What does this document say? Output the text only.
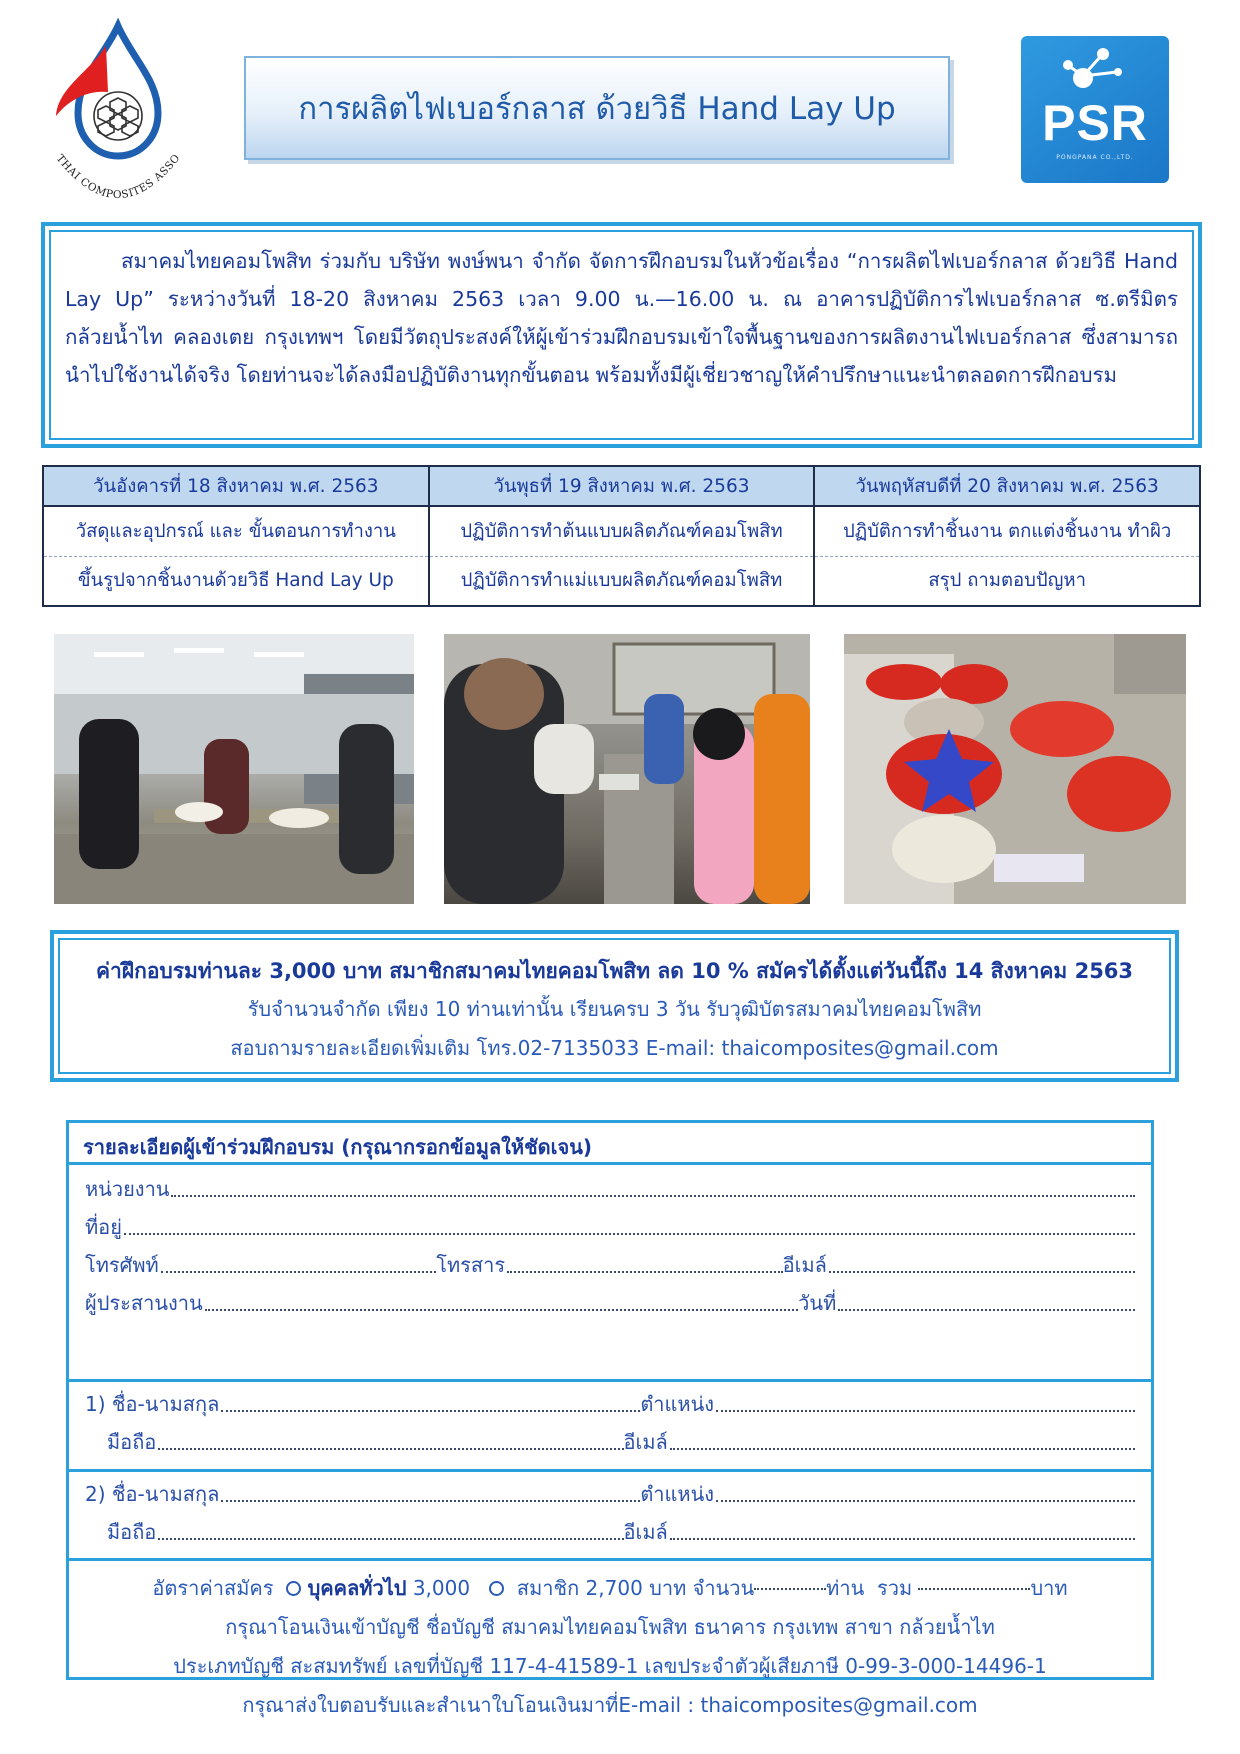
THAI COMPOSITES ASSO
การผลิตไฟเบอร์กลาส ด้วยวิธี Hand Lay Up	PSR
PONGPANA CO.,LTD.
สมาคมไทยคอมโพสิท ร่วมกับ บริษัท พงษ์พนา จำกัด จัดการฝึกอบรมในหัวข้อเรื่อง “การผลิตไฟเบอร์กลาส ด้วยวิธี Hand Lay Up” ระหว่างวันที่ 18-20 สิงหาคม 2563 เวลา 9.00 น.—16.00 น. ณ อาคารปฏิบัติการไฟเบอร์กลาส ซ.ตรีมิตร กล้วยน้ำไท คลองเตย กรุงเทพฯ โดยมีวัตถุประสงค์ให้ผู้เข้าร่วมฝึกอบรมเข้าใจพื้นฐานของการผลิตงานไฟเบอร์กลาส ซึ่งสามารถนำไปใช้งานได้จริง โดยท่านจะได้ลงมือปฏิบัติงานทุกขั้นตอน พร้อมทั้งมีผู้เชี่ยวชาญให้คำปรึกษาแนะนำตลอดการฝึกอบรม
วันอังคารที่ 18 สิงหาคม พ.ศ. 2563	วันพุธที่ 19 สิงหาคม พ.ศ. 2563	วันพฤหัสบดีที่ 20 สิงหาคม พ.ศ. 2563
วัสดุและอุปกรณ์ และ ขั้นตอนการทำงาน	ปฏิบัติการทำต้นแบบผลิตภัณฑ์คอมโพสิท	ปฏิบัติการทำชิ้นงาน ตกแต่งชิ้นงาน ทำผิว
ขึ้นรูปจากชิ้นงานด้วยวิธี Hand Lay Up	ปฏิบัติการทำแม่แบบผลิตภัณฑ์คอมโพสิท	สรุป ถามตอบปัญหา
ค่าฝึกอบรมท่านละ 3,000 บาท สมาชิกสมาคมไทยคอมโพสิท ลด 10 % สมัครได้ตั้งแต่วันนี้ถึง 14 สิงหาคม 2563
รับจำนวนจำกัด เพียง 10 ท่านเท่านั้น เรียนครบ 3 วัน รับวุฒิบัตรสมาคมไทยคอมโพสิท
สอบถามรายละเอียดเพิ่มเติม โทร.02-7135033 E-mail: thaicomposites@gmail.com
รายละเอียดผู้เข้าร่วมฝึกอบรม (กรุณากรอกข้อมูลให้ชัดเจน)
หน่วยงาน
ที่อยู่
โทรศัพท์	โทรสาร	อีเมล์
ผู้ประสานงาน	วันที่
1) ชื่อ-นามสกุล	ตำแหน่ง
มือถือ	อีเมล์
2) ชื่อ-นามสกุล	ตำแหน่ง
มือถือ	อีเมล์
อัตราค่าสมัคร บุคคลทั่วไป 3,000 สมาชิก 2,700 บาท จำนวน	ท่าน รวม	บาท
กรุณาโอนเงินเข้าบัญชี ชื่อบัญชี สมาคมไทยคอมโพสิท ธนาคาร กรุงเทพ สาขา กล้วยน้ำไท
ประเภทบัญชี สะสมทรัพย์ เลขที่บัญชี 117-4-41589-1 เลขประจำตัวผู้เสียภาษี 0-99-3-000-14496-1
กรุณาส่งใบตอบรับและสำเนาใบโอนเงินมาที่E-mail : thaicomposites@gmail.com
